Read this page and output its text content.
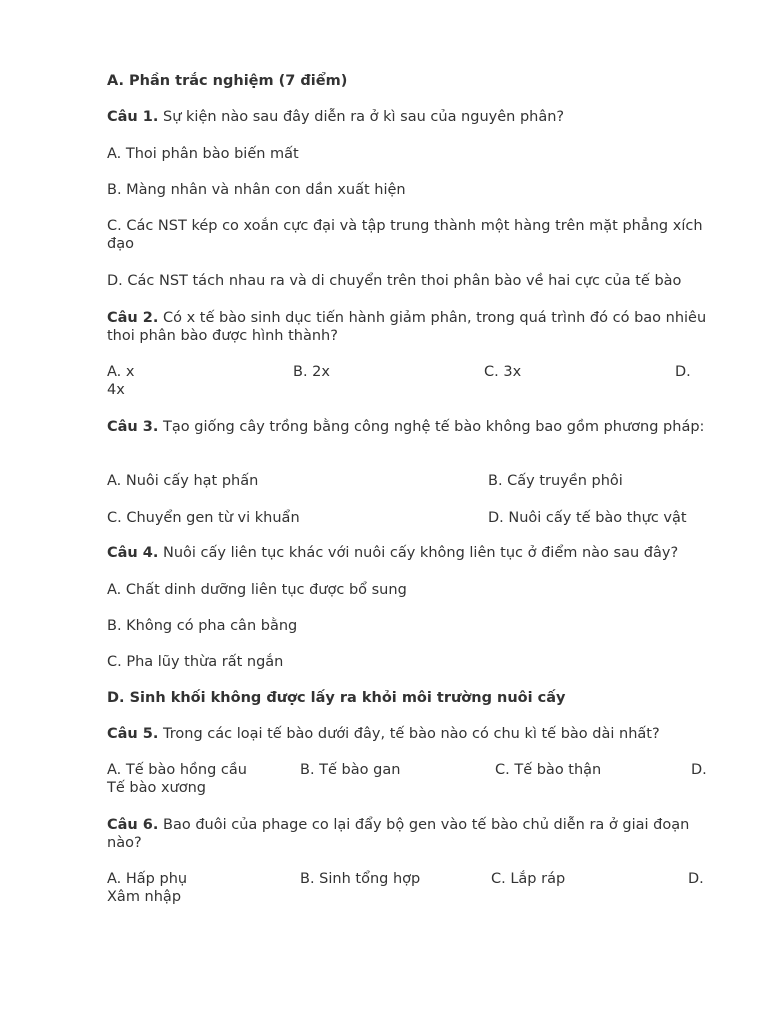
A. Phần trắc nghiệm (7 điểm)
Câu 1. Sự kiện nào sau đây diễn ra ở kì sau của nguyên phân?
A. Thoi phân bào biến mất
B. Màng nhân và nhân con dần xuất hiện
C. Các NST kép co xoắn cực đại và tập trung thành một hàng trên mặt phẳng xích đạo
D. Các NST tách nhau ra và di chuyển trên thoi phân bào về hai cực của tế bào
Câu 2. Có x tế bào sinh dục tiến hành giảm phân, trong quá trình đó có bao nhiêu thoi phân bào được hình thành?
A. x	B. 2x	C. 3x	D.
4x
Câu 3. Tạo giống cây trồng bằng công nghệ tế bào không bao gồm phương pháp:
A. Nuôi cấy hạt phấn	B. Cấy truyền phôi
C. Chuyển gen từ vi khuẩn	D. Nuôi cấy tế bào thực vật
Câu 4. Nuôi cấy liên tục khác với nuôi cấy không liên tục ở điểm nào sau đây?
A. Chất dinh dưỡng liên tục được bổ sung
B. Không có pha cân bằng
C. Pha lũy thừa rất ngắn
D. Sinh khối không được lấy ra khỏi môi trường nuôi cấy
Câu 5. Trong các loại tế bào dưới đây, tế bào nào có chu kì tế bào dài nhất?
A. Tế bào hồng cầu	B. Tế bào gan	C. Tế bào thận	D.
Tế bào xương
Câu 6. Bao đuôi của phage co lại đẩy bộ gen vào tế bào chủ diễn ra ở giai đoạn nào?
A. Hấp phụ	B. Sinh tổng hợp	C. Lắp ráp	D.
Xâm nhập
